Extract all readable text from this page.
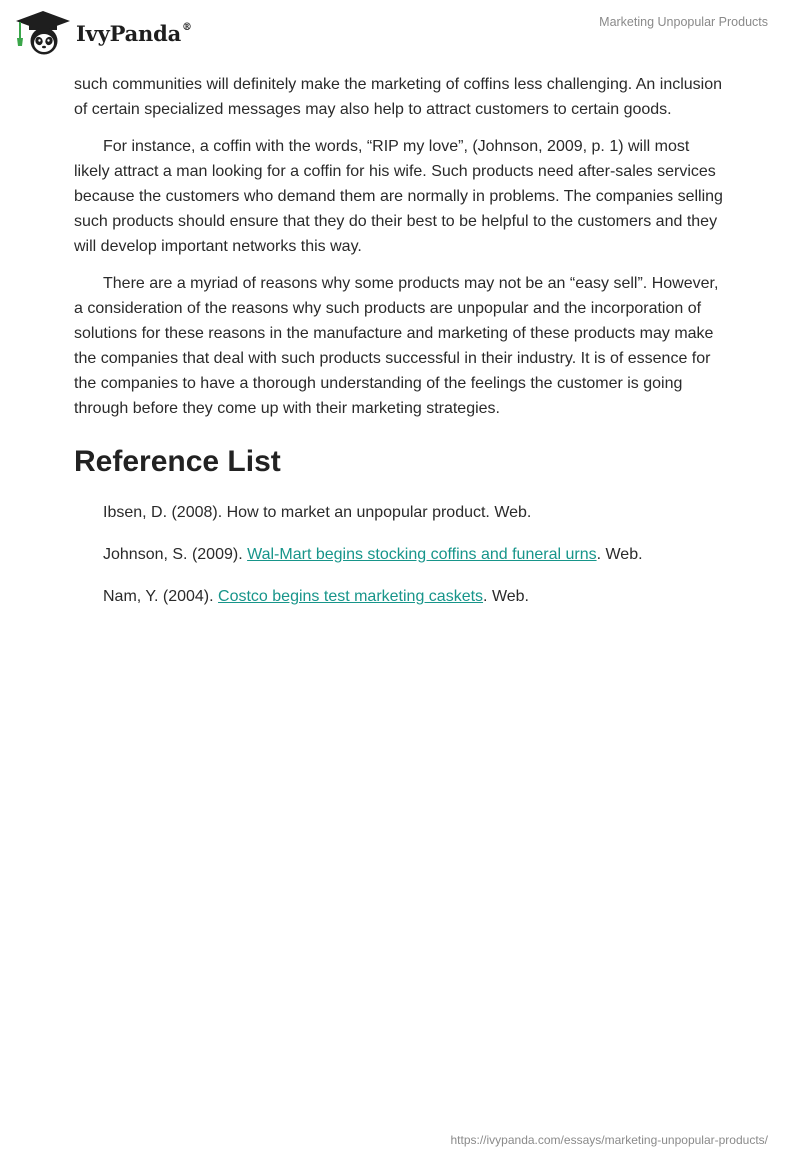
IvyPanda®	Marketing Unpopular Products

such communities will definitely make the marketing of coffins less challenging. An inclusion of certain specialized messages may also help to attract customers to certain goods.

For instance, a coffin with the words, “RIP my love”, (Johnson, 2009, p. 1) will most likely attract a man looking for a coffin for his wife. Such products need after-sales services because the customers who demand them are normally in problems. The companies selling such products should ensure that they do their best to be helpful to the customers and they will develop important networks this way.

There are a myriad of reasons why some products may not be an “easy sell”. However, a consideration of the reasons why such products are unpopular and the incorporation of solutions for these reasons in the manufacture and marketing of these products may make the companies that deal with such products successful in their industry. It is of essence for the companies to have a thorough understanding of the feelings the customer is going through before they come up with their marketing strategies.

Reference List
Ibsen, D. (2008). How to market an unpopular product. Web.
Johnson, S. (2009). Wal-Mart begins stocking coffins and funeral urns. Web.
Nam, Y. (2004). Costco begins test marketing caskets. Web.
https://ivypanda.com/essays/marketing-unpopular-products/
